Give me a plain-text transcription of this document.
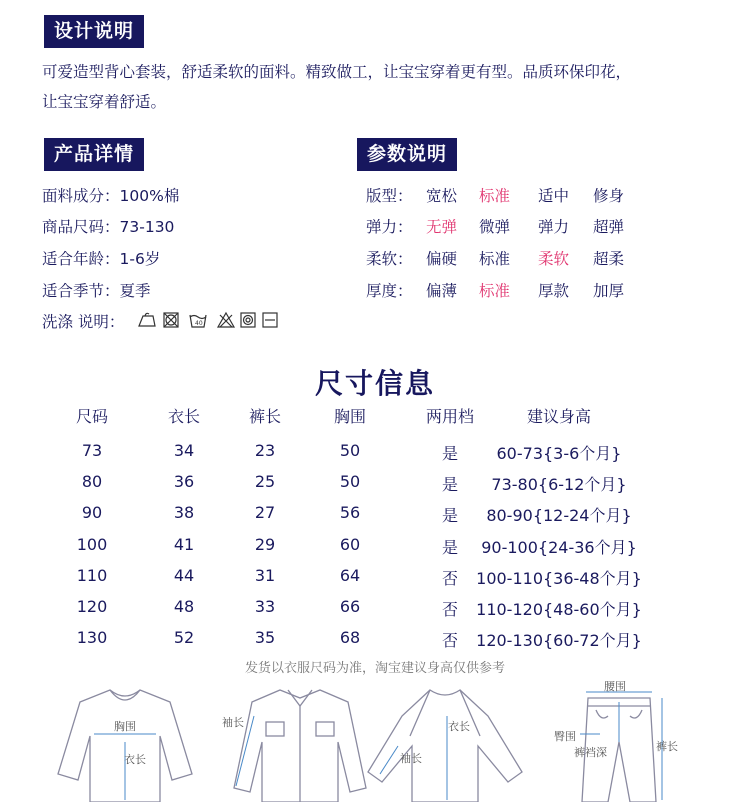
设计说明
可爱造型背心套装，舒适柔软的面料。精致做工，让宝宝穿着更有型。品质环保印花，
让宝宝穿着舒适。
产品详情
面料成分：100%棉
商品尺码：73-130
适合年龄：1-6岁
适合季节：夏季
洗涤 说明：	40
参数说明
版型： 宽松 标准 适中 修身
弹力： 无弹 微弹 弹力 超弹
柔软： 偏硬 标准 柔软 超柔
厚度： 偏薄 标准 厚款 加厚
尺寸信息
尺码	衣长	裤长	胸围	两用档	建议身高
73	34	23	50	是 60-73{3-6个月}
80	36	25	50	是 73-80{6-12个月}
90	38	27	56	是 80-90{12-24个月}
100	41	29	60	是 90-100{24-36个月}
110	44	31	64	否 100-110{36-48个月}
120	48	33	66	否 110-120{48-60个月}
130	52	35	68	否 120-130{60-72个月}
发货以衣服尺码为准，淘宝建议身高仅供参考
胸围
衣长
袖长	衣长
袖长
腰围
臀围
裤裆深	裤长
